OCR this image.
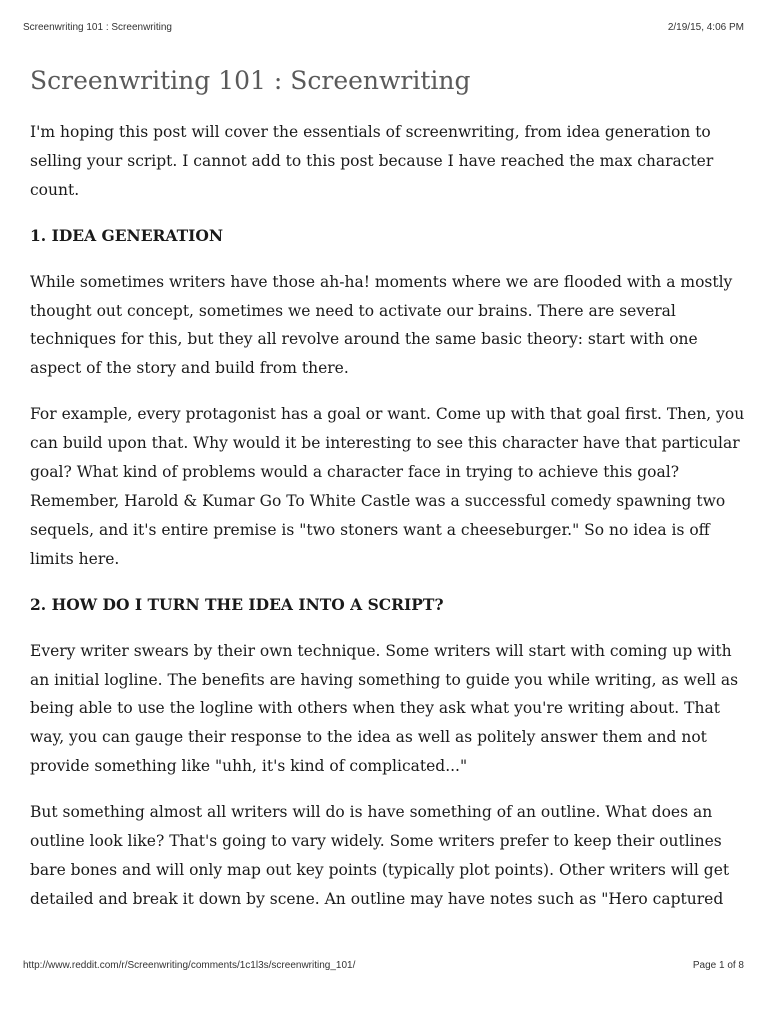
Screenwriting 101 : Screenwriting	2/19/15, 4:06 PM
Screenwriting 101 : Screenwriting

I'm hoping this post will cover the essentials of screenwriting, from idea generation to selling your script. I cannot add to this post because I have reached the max character count.

1. IDEA GENERATION

While sometimes writers have those ah-ha! moments where we are flooded with a mostly thought out concept, sometimes we need to activate our brains. There are several techniques for this, but they all revolve around the same basic theory: start with one aspect of the story and build from there.

For example, every protagonist has a goal or want. Come up with that goal first. Then, you can build upon that. Why would it be interesting to see this character have that particular goal? What kind of problems would a character face in trying to achieve this goal? Remember, Harold & Kumar Go To White Castle was a successful comedy spawning two sequels, and it's entire premise is "two stoners want a cheeseburger." So no idea is off limits here.

2. HOW DO I TURN THE IDEA INTO A SCRIPT?

Every writer swears by their own technique. Some writers will start with coming up with an initial logline. The benefits are having something to guide you while writing, as well as being able to use the logline with others when they ask what you're writing about. That way, you can gauge their response to the idea as well as politely answer them and not provide something like "uhh, it's kind of complicated..."

But something almost all writers will do is have something of an outline. What does an outline look like? That's going to vary widely. Some writers prefer to keep their outlines bare bones and will only map out key points (typically plot points). Other writers will get detailed and break it down by scene. An outline may have notes such as "Hero captured

http://www.reddit.com/r/Screenwriting/comments/1c1l3s/screenwriting_101/	Page 1 of 8
